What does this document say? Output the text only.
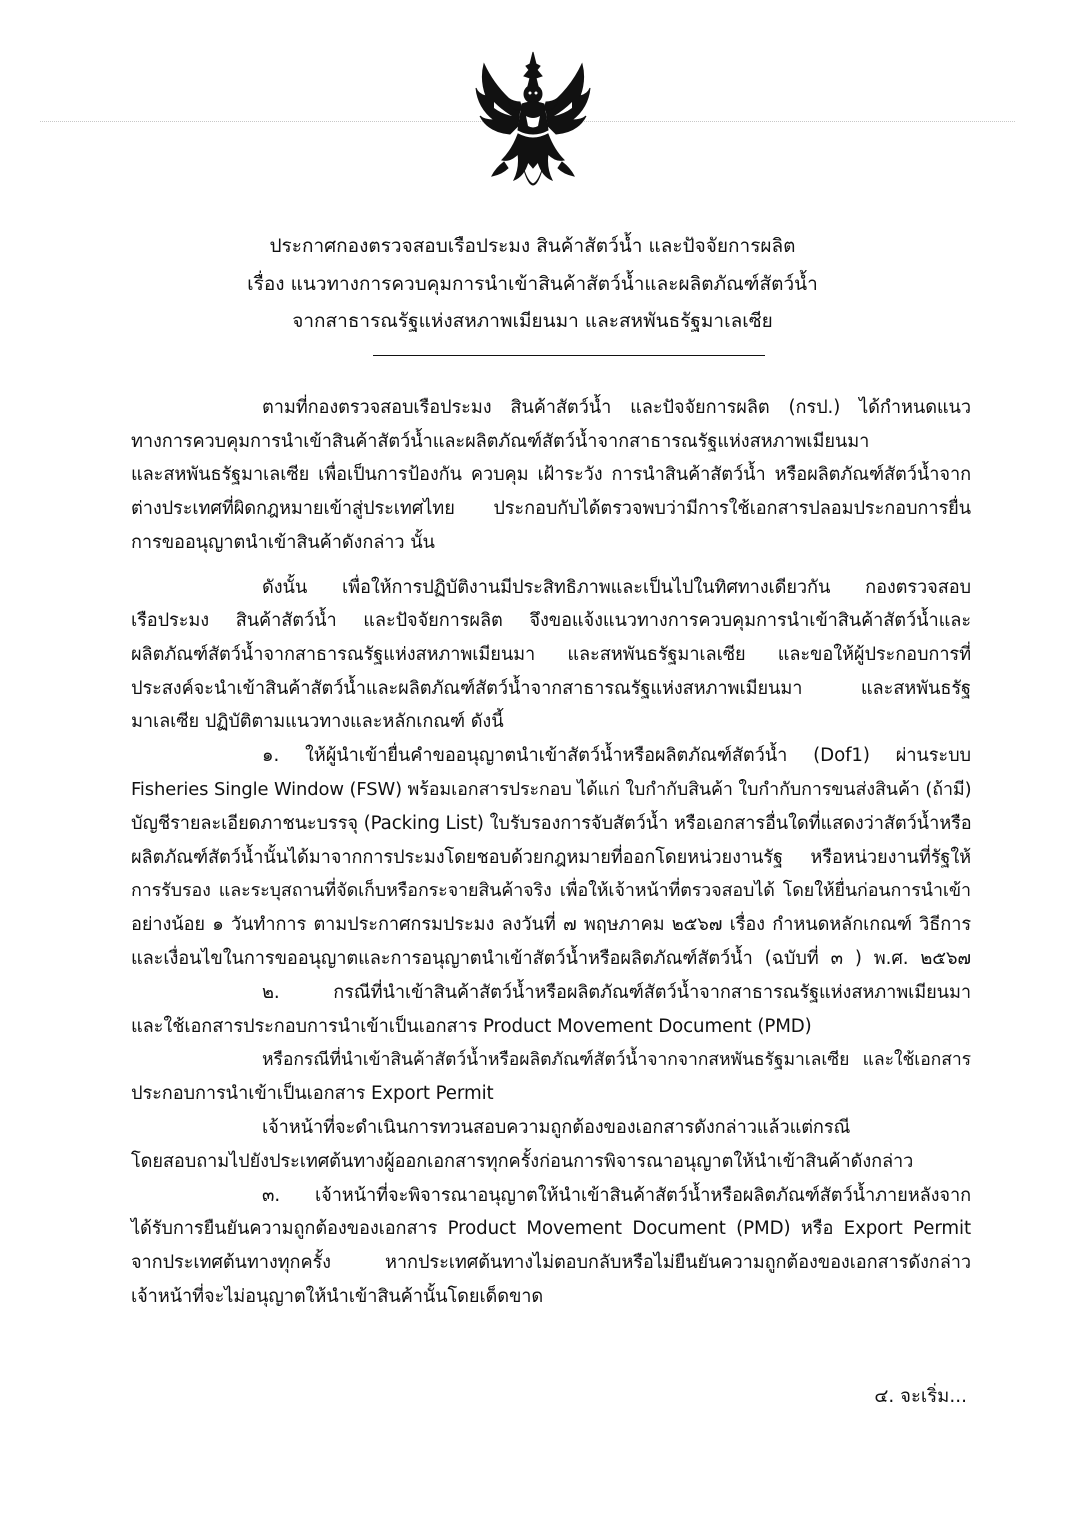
ประกาศกองตรวจสอบเรือประมง สินค้าสัตว์น้ำ และปัจจัยการผลิต
เรื่อง แนวทางการควบคุมการนำเข้าสินค้าสัตว์น้ำและผลิตภัณฑ์สัตว์น้ำ
จากสาธารณรัฐแห่งสหภาพเมียนมา และสหพันธรัฐมาเลเซีย
ตามที่กองตรวจสอบเรือประมง สินค้าสัตว์น้ำ และปัจจัยการผลิต (กรป.) ได้กำหนดแนว
ทางการควบคุมการนำเข้าสินค้าสัตว์น้ำและผลิตภัณฑ์สัตว์น้ำจากสาธารณรัฐแห่งสหภาพเมียนมา
และสหพันธรัฐมาเลเซีย เพื่อเป็นการป้องกัน ควบคุม เฝ้าระวัง การนำสินค้าสัตว์น้ำ หรือผลิตภัณฑ์สัตว์น้ำจาก
ต่างประเทศที่ผิดกฎหมายเข้าสู่ประเทศไทย ประกอบกับได้ตรวจพบว่ามีการใช้เอกสารปลอมประกอบการยื่น
การขออนุญาตนำเข้าสินค้าดังกล่าว นั้น
ดังนั้น เพื่อให้การปฏิบัติงานมีประสิทธิภาพและเป็นไปในทิศทางเดียวกัน กองตรวจสอบ
เรือประมง สินค้าสัตว์น้ำ และปัจจัยการผลิต จึงขอแจ้งแนวทางการควบคุมการนำเข้าสินค้าสัตว์น้ำและ
ผลิตภัณฑ์สัตว์น้ำจากสาธารณรัฐแห่งสหภาพเมียนมา และสหพันธรัฐมาเลเซีย และขอให้ผู้ประกอบการที่
ประสงค์จะนำเข้าสินค้าสัตว์น้ำและผลิตภัณฑ์สัตว์น้ำจากสาธารณรัฐแห่งสหภาพเมียนมา และสหพันธรัฐ
มาเลเซีย ปฏิบัติตามแนวทางและหลักเกณฑ์ ดังนี้
๑. ให้ผู้นำเข้ายื่นคำขออนุญาตนำเข้าสัตว์น้ำหรือผลิตภัณฑ์สัตว์น้ำ (Dof1) ผ่านระบบ
Fisheries Single Window (FSW) พร้อมเอกสารประกอบ ได้แก่ ใบกำกับสินค้า ใบกำกับการขนส่งสินค้า (ถ้ามี)
บัญชีรายละเอียดภาชนะบรรจุ (Packing List) ใบรับรองการจับสัตว์น้ำ หรือเอกสารอื่นใดที่แสดงว่าสัตว์น้ำหรือ
ผลิตภัณฑ์สัตว์น้ำนั้นได้มาจากการประมงโดยชอบด้วยกฎหมายที่ออกโดยหน่วยงานรัฐ หรือหน่วยงานที่รัฐให้
การรับรอง และระบุสถานที่จัดเก็บหรือกระจายสินค้าจริง เพื่อให้เจ้าหน้าที่ตรวจสอบได้ โดยให้ยื่นก่อนการนำเข้า
อย่างน้อย ๑ วันทำการ ตามประกาศกรมประมง ลงวันที่ ๗ พฤษภาคม ๒๕๖๗ เรื่อง กำหนดหลักเกณฑ์ วิธีการ
และเงื่อนไขในการขออนุญาตและการอนุญาตนำเข้าสัตว์น้ำหรือผลิตภัณฑ์สัตว์น้ำ (ฉบับที่ ๓ ) พ.ศ. ๒๕๖๗
๒. กรณีที่นำเข้าสินค้าสัตว์น้ำหรือผลิตภัณฑ์สัตว์น้ำจากสาธารณรัฐแห่งสหภาพเมียนมา
และใช้เอกสารประกอบการนำเข้าเป็นเอกสาร Product Movement Document (PMD)
หรือกรณีที่นำเข้าสินค้าสัตว์น้ำหรือผลิตภัณฑ์สัตว์น้ำจากจากสหพันธรัฐมาเลเซีย และใช้เอกสาร
ประกอบการนำเข้าเป็นเอกสาร Export Permit
เจ้าหน้าที่จะดำเนินการทวนสอบความถูกต้องของเอกสารดังกล่าวแล้วแต่กรณี
โดยสอบถามไปยังประเทศต้นทางผู้ออกเอกสารทุกครั้งก่อนการพิจารณาอนุญาตให้นำเข้าสินค้าดังกล่าว
๓. เจ้าหน้าที่จะพิจารณาอนุญาตให้นำเข้าสินค้าสัตว์น้ำหรือผลิตภัณฑ์สัตว์น้ำภายหลังจาก
ได้รับการยืนยันความถูกต้องของเอกสาร Product Movement Document (PMD) หรือ Export Permit
จากประเทศต้นทางทุกครั้ง หากประเทศต้นทางไม่ตอบกลับหรือไม่ยืนยันความถูกต้องของเอกสารดังกล่าว
เจ้าหน้าที่จะไม่อนุญาตให้นำเข้าสินค้านั้นโดยเด็ดขาด
๔. จะเริ่ม...
